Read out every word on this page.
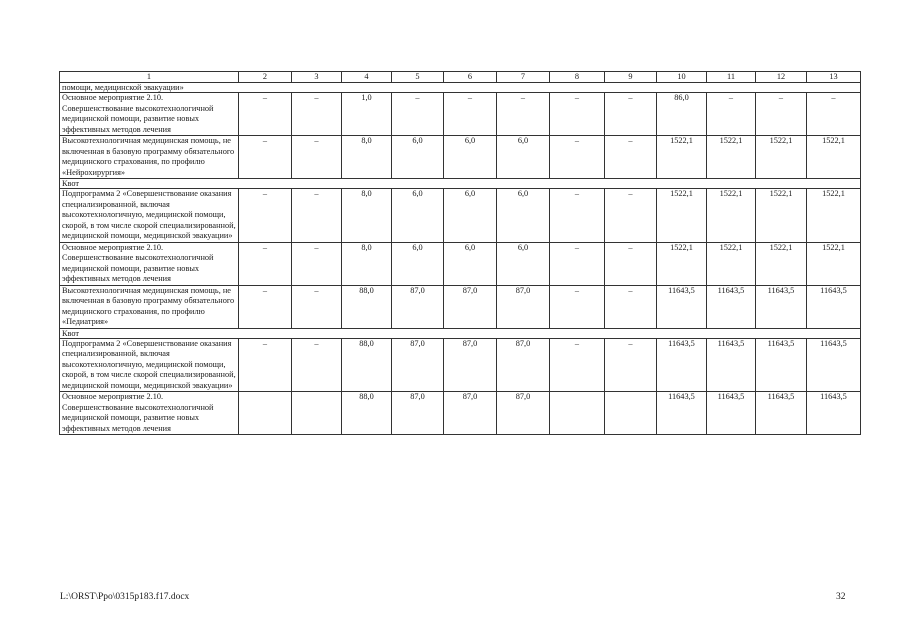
1	2	3	4	5	6	7	8	9	10	11	12	13
помощи, медицинской эвакуации»												
Основное мероприятие 2.10. Совершенствование высокотехнологичной медицинской помощи, развитие новых эффективных методов лечения	–	–	1,0	–	–	–	–	–	86,0	–	–	–
Высокотехнологичная медицинская помощь, не включенная в базовую программу обязательного медицинского страхования, по профилю «Нейрохирургия»	–	–	8,0	6,0	6,0	6,0	–	–	1522,1	1522,1	1522,1	1522,1
Квот												
Подпрограмма 2 «Совершенствование оказания специализированной, включая высокотехнологичную, медицинской помощи, скорой, в том числе скорой специализированной, медицинской помощи, медицинской эвакуации»	–	–	8,0	6,0	6,0	6,0	–	–	1522,1	1522,1	1522,1	1522,1
Основное мероприятие 2.10. Совершенствование высокотехнологичной медицинской помощи, развитие новых эффективных методов лечения	–	–	8,0	6,0	6,0	6,0	–	–	1522,1	1522,1	1522,1	1522,1
Высокотехнологичная медицинская помощь, не включенная в базовую программу обязательного медицинского страхования, по профилю «Педиатрия»	–	–	88,0	87,0	87,0	87,0	–	–	11643,5	11643,5	11643,5	11643,5
Квот												
Подпрограмма 2 «Совершенствование оказания специализированной, включая высокотехнологичную, медицинской помощи, скорой, в том числе скорой специализированной, медицинской помощи, медицинской эвакуации»	–	–	88,0	87,0	87,0	87,0	–	–	11643,5	11643,5	11643,5	11643,5
Основное мероприятие 2.10. Совершенствование высокотехнологичной медицинской помощи, развитие новых эффективных методов лечения			88,0	87,0	87,0	87,0			11643,5	11643,5	11643,5	11643,5
L:\ORST\Ppo\0315p183.f17.docx	32
